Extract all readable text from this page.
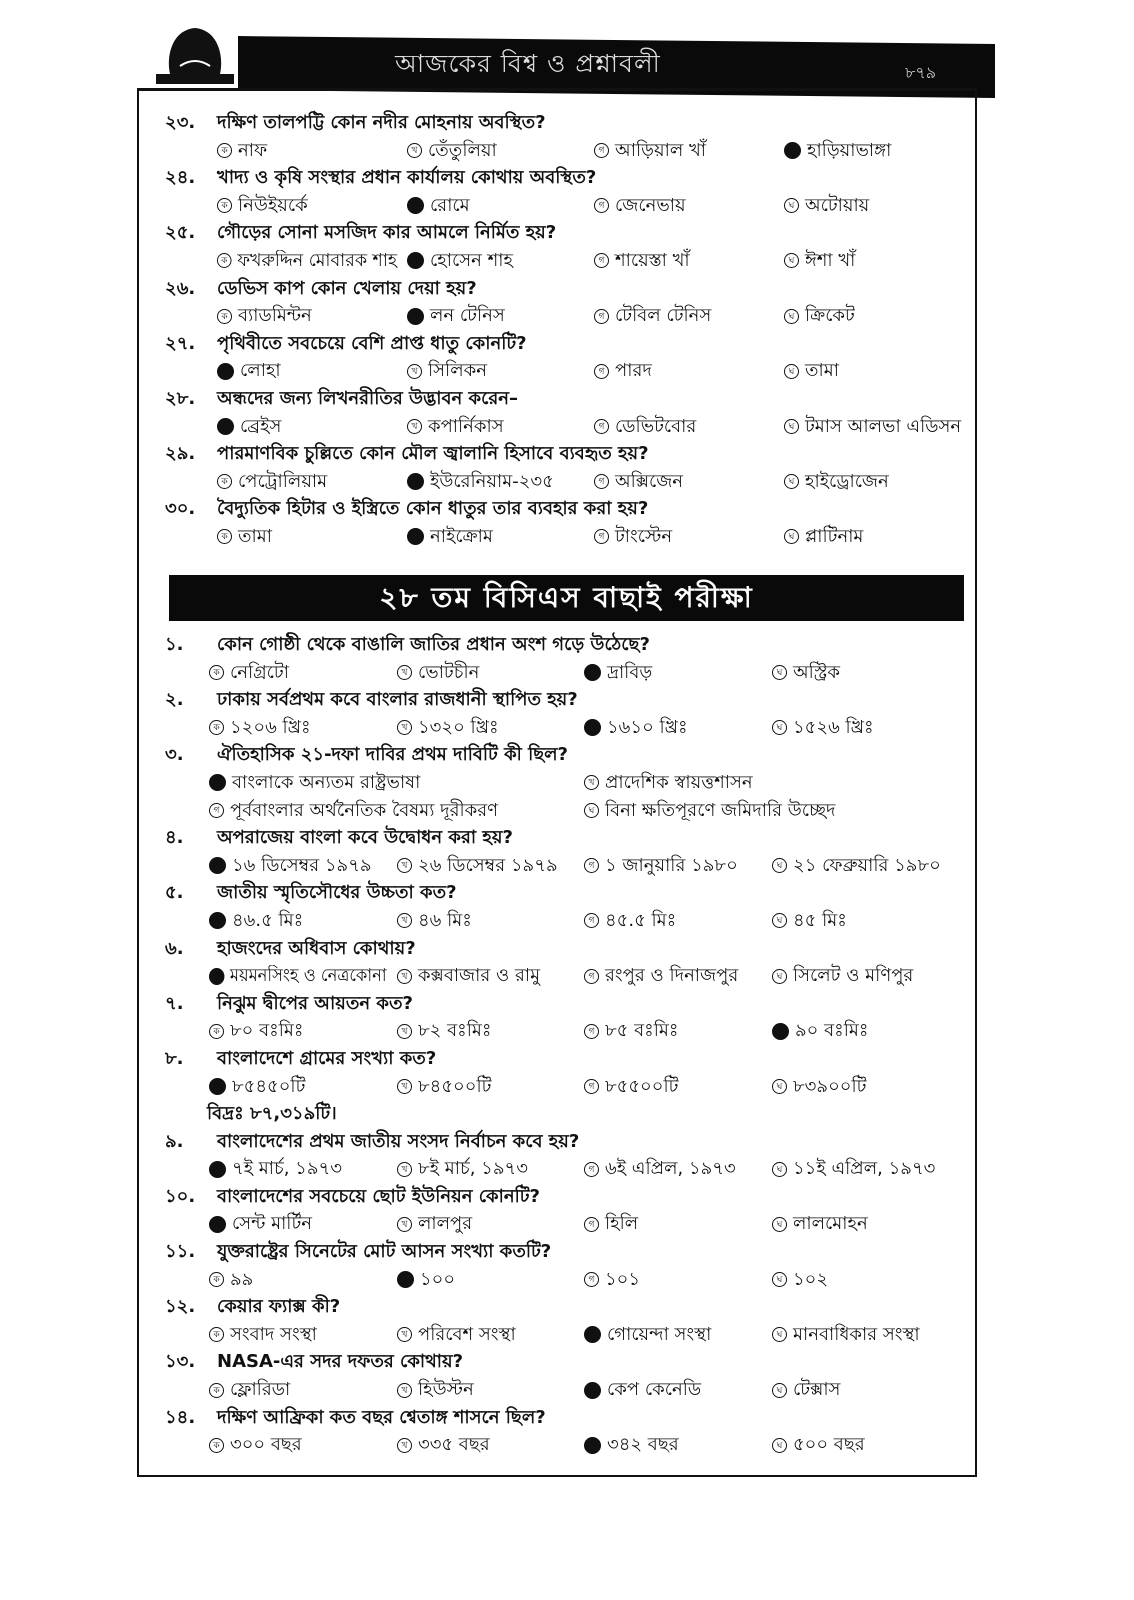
আজকের বিশ্ব ও প্রশ্নাবলী	৮৭৯
২৩. দক্ষিণ তালপট্টি কোন নদীর মোহনায় অবস্থিত?
ক নাফ	খ তেঁতুলিয়া	গ আড়িয়াল খাঁ	ঘ হাড়িয়াভাঙ্গা
২৪. খাদ্য ও কৃষি সংস্থার প্রধান কার্যালয় কোথায় অবস্থিত?
ক নিউইয়র্কে	খ রোমে	গ জেনেভায়	ঘ অটোয়ায়
২৫. গৌড়ের সোনা মসজিদ কার আমলে নির্মিত হয়?
ক ফখরুদ্দিন মোবারক শাহ	খ হোসেন শাহ	গ শায়েস্তা খাঁ	ঘ ঈশা খাঁ
২৬. ডেভিস কাপ কোন খেলায় দেয়া হয়?
ক ব্যাডমিন্টন	খ লন টেনিস	গ টেবিল টেনিস	ঘ ক্রিকেট
২৭. পৃথিবীতে সবচেয়ে বেশি প্রাপ্ত ধাতু কোনটি?
ক লোহা	খ সিলিকন	গ পারদ	ঘ তামা
২৮. অন্ধদের জন্য লিখনরীতির উদ্ভাবন করেন–
ক ব্রেইস	খ কপার্নিকাস	গ ডেভিটবোর	ঘ টমাস আলভা এডিসন
২৯. পারমাণবিক চুল্লিতে কোন মৌল জ্বালানি হিসাবে ব্যবহৃত হয়?
ক পেট্রোলিয়াম	খ ইউরেনিয়াম-২৩৫	গ অক্সিজেন	ঘ হাইড্রোজেন
৩০. বৈদ্যুতিক হিটার ও ইস্ত্রিতে কোন ধাতুর তার ব্যবহার করা হয়?
ক তামা	খ নাইক্রোম	গ টাংস্টেন	ঘ প্লাটিনাম
২৮ তম বিসিএস বাছাই পরীক্ষা
১. কোন গোষ্ঠী থেকে বাঙালি জাতির প্রধান অংশ গড়ে উঠেছে?
ক নেগ্রিটো	খ ভোটচীন	গ দ্রাবিড়	ঘ অস্ট্রিক
২. ঢাকায় সর্বপ্রথম কবে বাংলার রাজধানী স্থাপিত হয়?
ক ১২০৬ খ্রিঃ	খ ১৩২০ খ্রিঃ	গ ১৬১০ খ্রিঃ	ঘ ১৫২৬ খ্রিঃ
৩. ঐতিহাসিক ২১-দফা দাবির প্রথম দাবিটি কী ছিল?
ক বাংলাকে অন্যতম রাষ্ট্রভাষা	খ প্রাদেশিক স্বায়ত্তশাসন
গ পূর্ববাংলার অর্থনৈতিক বৈষম্য দূরীকরণ	ঘ বিনা ক্ষতিপূরণে জমিদারি উচ্ছেদ
৪. অপরাজেয় বাংলা কবে উদ্বোধন করা হয়?
ক ১৬ ডিসেম্বর ১৯৭৯	খ ২৬ ডিসেম্বর ১৯৭৯	গ ১ জানুয়ারি ১৯৮০	ঘ ২১ ফেব্রুয়ারি ১৯৮০
৫. জাতীয় স্মৃতিসৌধের উচ্চতা কত?
ক ৪৬.৫ মিঃ	খ ৪৬ মিঃ	গ ৪৫.৫ মিঃ	ঘ ৪৫ মিঃ
৬. হাজংদের অধিবাস কোথায়?
ক ময়মনসিংহ ও নেত্রকোনা	খ কক্সবাজার ও রামু	গ রংপুর ও দিনাজপুর	ঘ সিলেট ও মণিপুর
৭. নিঝুম দ্বীপের আয়তন কত?
ক ৮০ বঃমিঃ	খ ৮২ বঃমিঃ	গ ৮৫ বঃমিঃ	ঘ ৯০ বঃমিঃ
৮. বাংলাদেশে গ্রামের সংখ্যা কত?
ক ৮৫৪৫০টি	খ ৮৪৫০০টি	গ ৮৫৫০০টি	ঘ ৮৩৯০০টি
বিদ্রঃ ৮৭,৩১৯টি।
৯. বাংলাদেশের প্রথম জাতীয় সংসদ নির্বাচন কবে হয়?
ক ৭ই মার্চ, ১৯৭৩	খ ৮ই মার্চ, ১৯৭৩	গ ৬ই এপ্রিল, ১৯৭৩	ঘ ১১ই এপ্রিল, ১৯৭৩
১০. বাংলাদেশের সবচেয়ে ছোট ইউনিয়ন কোনটি?
ক সেন্ট মার্টিন	খ লালপুর	গ হিলি	ঘ লালমোহন
১১. যুক্তরাষ্ট্রের সিনেটের মোট আসন সংখ্যা কতটি?
ক ৯৯	খ ১০০	গ ১০১	ঘ ১০২
১২. কেয়ার ফ্যাক্স কী?
ক সংবাদ সংস্থা	খ পরিবেশ সংস্থা	গ গোয়েন্দা সংস্থা	ঘ মানবাধিকার সংস্থা
১৩. NASA-এর সদর দফতর কোথায়?
ক ফ্লোরিডা	খ হিউস্টন	গ কেপ কেনেডি	ঘ টেক্সাস
১৪. দক্ষিণ আফ্রিকা কত বছর শ্বেতাঙ্গ শাসনে ছিল?
ক ৩০০ বছর	খ ৩৩৫ বছর	গ ৩৪২ বছর	ঘ ৫০০ বছর
